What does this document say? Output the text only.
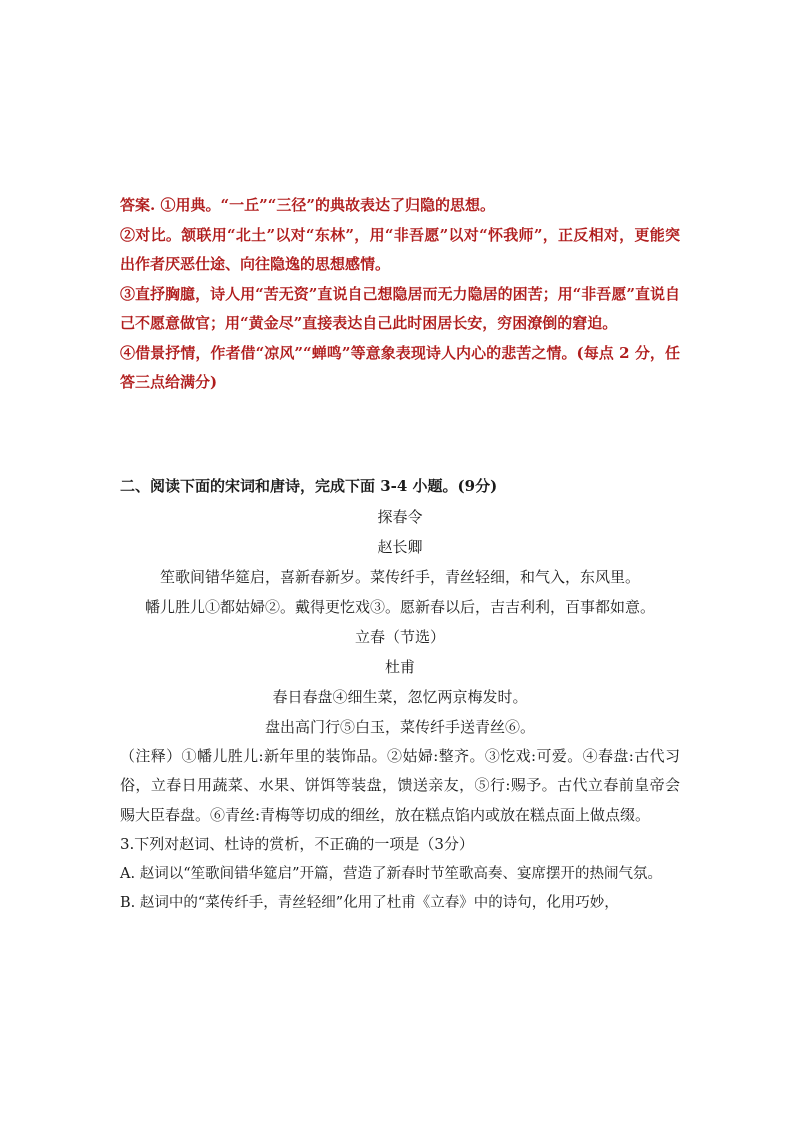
答案. ①用典。“一丘”“三径”的典故表达了归隐的思想。

②对比。颔联用“北土”以对“东林”，用“非吾愿”以对“怀我师”，正反相对，更能突出作者厌恶仕途、向往隐逸的思想感情。

③直抒胸臆，诗人用“苦无资”直说自己想隐居而无力隐居的困苦；用“非吾愿”直说自己不愿意做官；用“黄金尽”直接表达自己此时困居长安，穷困潦倒的窘迫。

④借景抒情，作者借“凉风”“蝉鸣”等意象表现诗人内心的悲苦之情。(每点 2 分，任答三点给满分)

二、阅读下面的宋词和唐诗，完成下面 3-4 小题。(9分)

探春令

赵长卿

笙歌间错华筵启，喜新春新岁。菜传纤手，青丝轻细，和气入，东风里。

幡儿胜儿①都姑婦②。戴得更忔戏③。愿新春以后，吉吉利利，百事都如意。

立春（节选）

杜甫

春日春盘④细生菜，忽忆两京梅发时。

盘出高门行⑤白玉，菜传纤手送青丝⑥。

（注释）①幡儿胜儿:新年里的装饰品。②姑婦:整齐。③忔戏:可爱。④春盘:古代习俗，立春日用蔬菜、水果、饼饵等装盘，馈送亲友，⑤行:赐予。古代立春前皇帝会赐大臣春盘。⑥青丝:青梅等切成的细丝，放在糕点馅内或放在糕点面上做点缀。

3.下列对赵词、杜诗的赏析，不正确的一项是（3分）

A. 赵词以“笙歌间错华筵启”开篇，营造了新春时节笙歌高奏、宴席摆开的热闹气氛。

B. 赵词中的“菜传纤手，青丝轻细”化用了杜甫《立春》中的诗句，化用巧妙，
